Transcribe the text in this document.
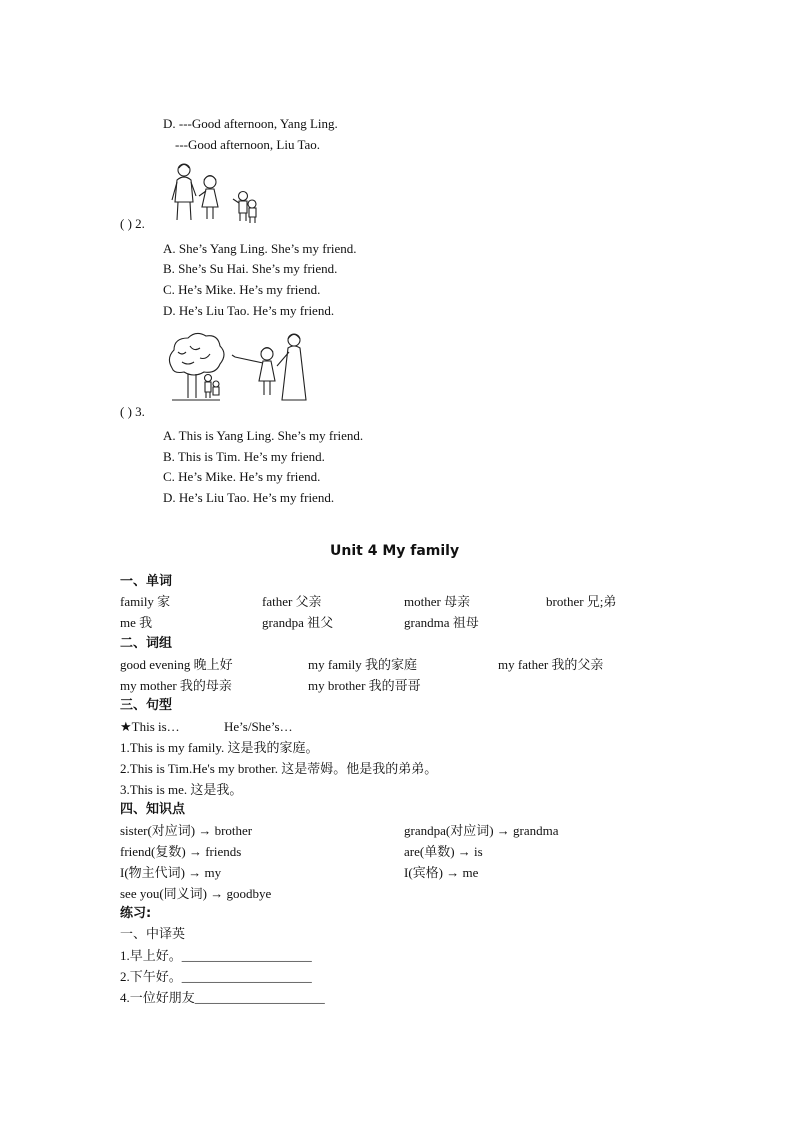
D. ---Good afternoon, Yang Ling.
---Good afternoon, Liu Tao.
( ) 2.
A. She’s Yang Ling. She’s my friend.
B. She’s Su Hai. She’s my friend.
C. He’s Mike. He’s my friend.
D. He’s Liu Tao. He’s my friend.
( ) 3.
A. This is Yang Ling. She’s my friend.
B. This is Tim. He’s my friend.
C. He’s Mike. He’s my friend.
D. He’s Liu Tao. He’s my friend.
Unit 4 My family
一、单词
family 家	father 父亲	mother 母亲	brother 兄;弟
me 我	grandpa 祖父	grandma 祖母
二、词组
good evening 晚上好	my family 我的家庭	my father 我的父亲
my mother 我的母亲	my brother 我的哥哥
三、句型
★This is…	He’s/She’s…
1.This is my family. 这是我的家庭。
2.This is Tim.He's my brother. 这是蒂姆。他是我的弟弟。
3.This is me. 这是我。
四、知识点
sister(对应词) → brother	grandpa(对应词) → grandma
friend(复数) → friends	are(单数) → is
I(物主代词) → my	I(宾格) → me
see you(同义词) → goodbye
练习:
一、中译英
1.早上好。____________________
2.下午好。____________________
4.一位好朋友____________________
